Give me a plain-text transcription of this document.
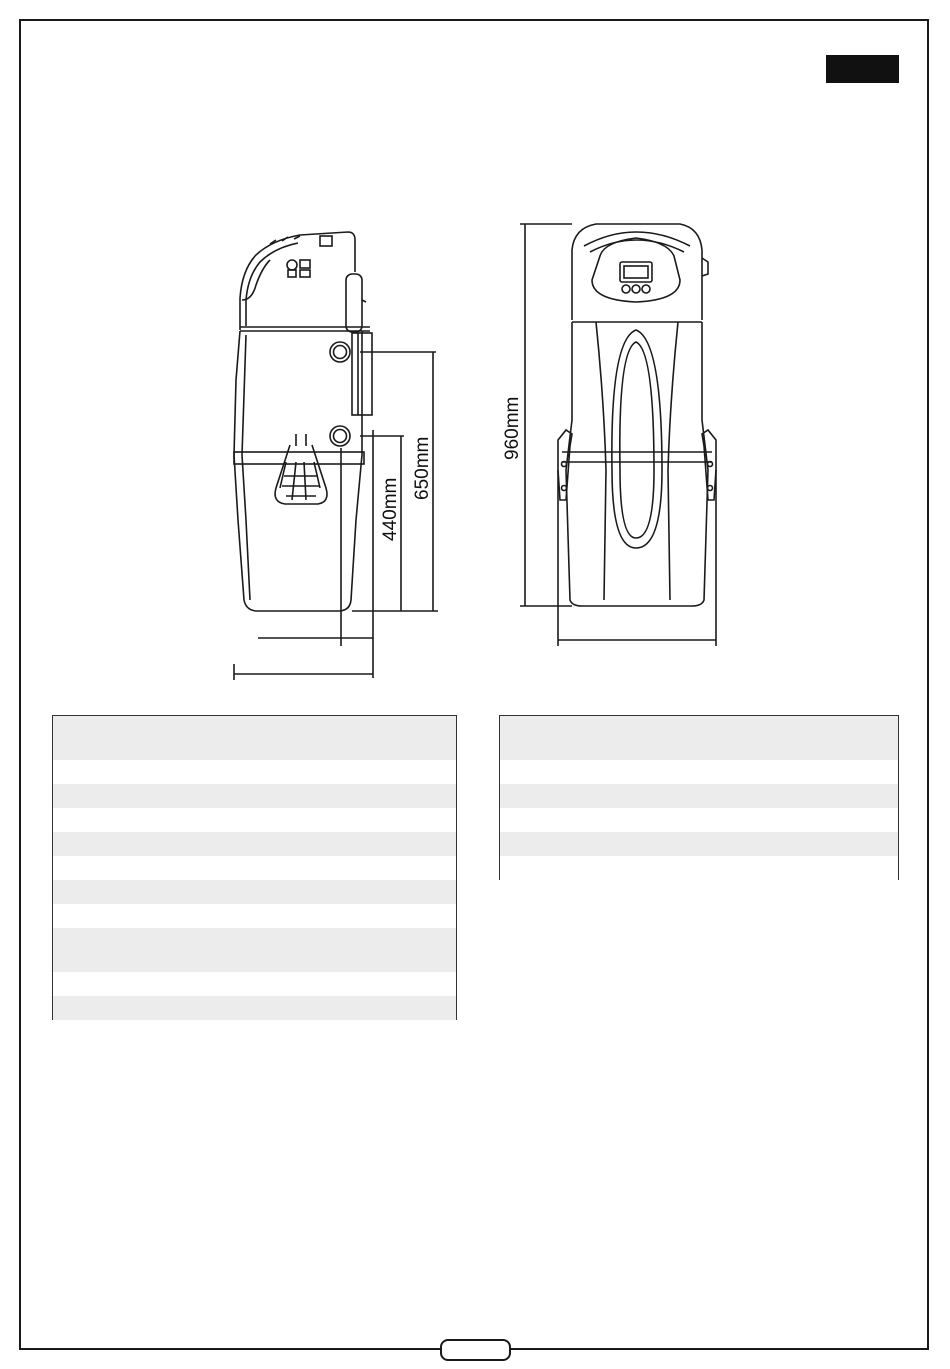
440mm
650mm
960mm
